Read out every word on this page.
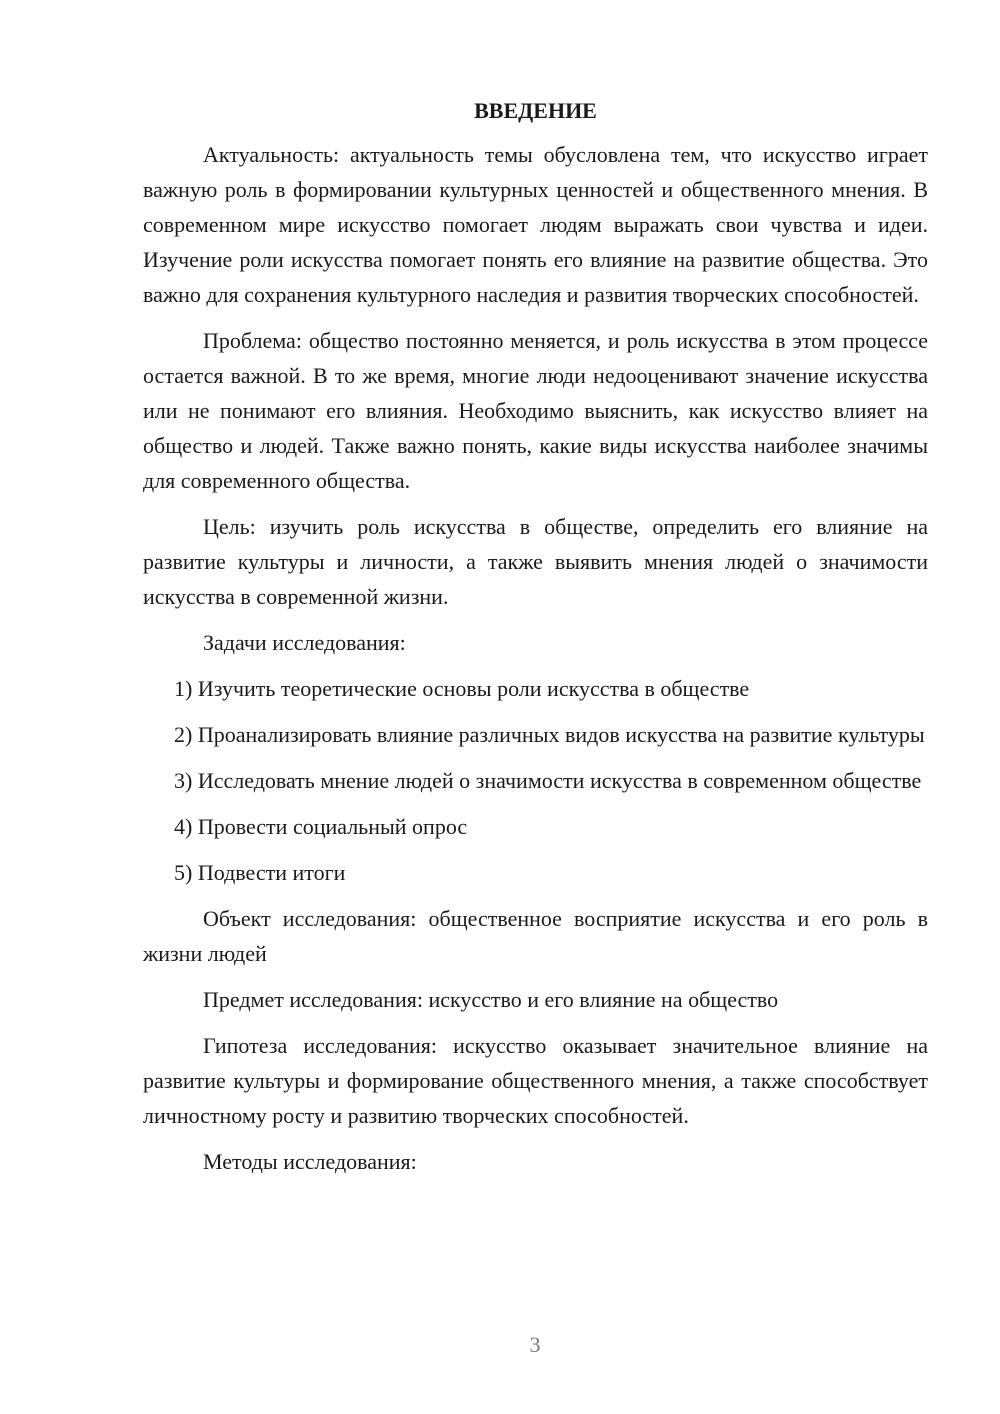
ВВЕДЕНИЕ

Актуальность: актуальность темы обусловлена тем, что искусство играет важную роль в формировании культурных ценностей и общественного мнения. В современном мире искусство помогает людям выражать свои чувства и идеи. Изучение роли искусства помогает понять его влияние на развитие общества. Это важно для сохранения культурного наследия и развития творческих способностей.

Проблема: общество постоянно меняется, и роль искусства в этом процессе остается важной. В то же время, многие люди недооценивают значение искусства или не понимают его влияния. Необходимо выяснить, как искусство влияет на общество и людей. Также важно понять, какие виды искусства наиболее значимы для современного общества.

Цель: изучить роль искусства в обществе, определить его влияние на развитие культуры и личности, а также выявить мнения людей о значимости искусства в современной жизни.

Задачи исследования:

1) Изучить теоретические основы роли искусства в обществе

2) Проанализировать влияние различных видов искусства на развитие культуры

3) Исследовать мнение людей о значимости искусства в современном обществе

4) Провести социальный опрос

5) Подвести итоги

Объект исследования: общественное восприятие искусства и его роль в жизни людей

Предмет исследования: искусство и его влияние на общество

Гипотеза исследования: искусство оказывает значительное влияние на развитие культуры и формирование общественного мнения, а также способствует личностному росту и развитию творческих способностей.

Методы исследования:

3
